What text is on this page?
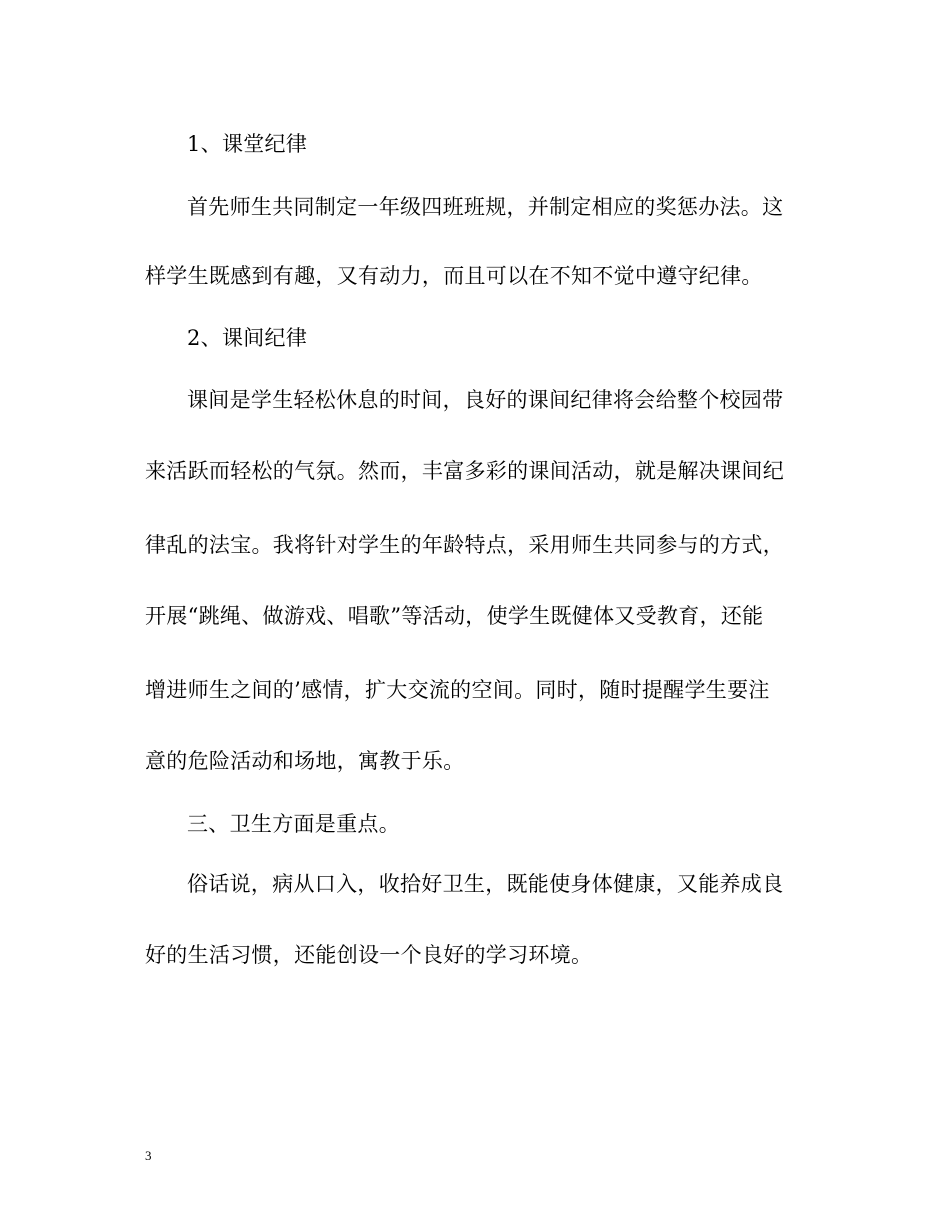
1、课堂纪律
首先师生共同制定一年级四班班规，并制定相应的奖惩办法。这
样学生既感到有趣，又有动力，而且可以在不知不觉中遵守纪律。
2、课间纪律
课间是学生轻松休息的时间，良好的课间纪律将会给整个校园带
来活跃而轻松的气氛。然而，丰富多彩的课间活动，就是解决课间纪
律乱的法宝。我将针对学生的年龄特点，采用师生共同参与的方式，
开展“跳绳、做游戏、唱歌”等活动，使学生既健体又受教育，还能
增进师生之间的’感情，扩大交流的空间。同时，随时提醒学生要注
意的危险活动和场地，寓教于乐。
三、卫生方面是重点。
俗话说，病从口入，收拾好卫生，既能使身体健康，又能养成良
好的生活习惯，还能创设一个良好的学习环境。
3
